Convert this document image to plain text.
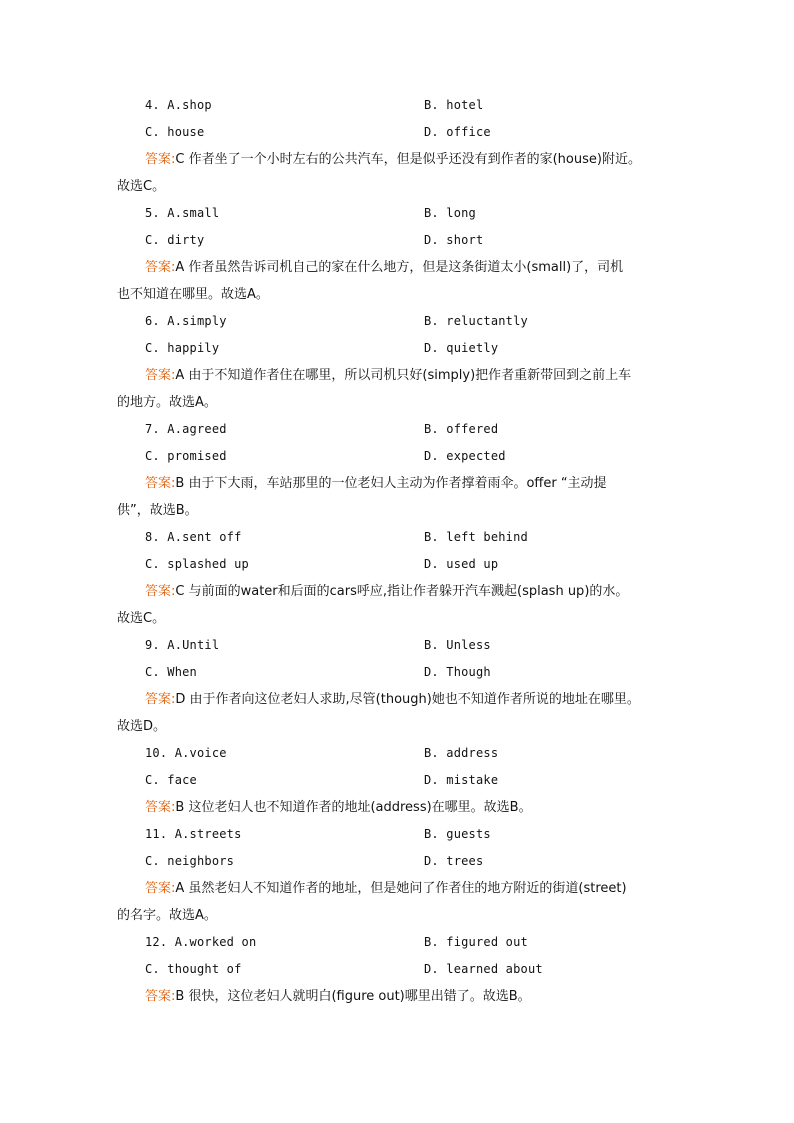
4. A.shop	B. hotel
C. house	D. office
答案:C 作者坐了一个小时左右的公共汽车，但是似乎还没有到作者的家(house)附近。
故选C。
5. A.small	B. long
C. dirty	D. short
答案:A 作者虽然告诉司机自己的家在什么地方，但是这条街道太小(small)了，司机
也不知道在哪里。故选A。
6. A.simply	B. reluctantly
C. happily	D. quietly
答案:A 由于不知道作者住在哪里，所以司机只好(simply)把作者重新带回到之前上车
的地方。故选A。
7. A.agreed	B. offered
C. promised	D. expected
答案:B 由于下大雨，车站那里的一位老妇人主动为作者撑着雨伞。offer “主动提
供”，故选B。
8. A.sent off	B. left behind
C. splashed up	D. used up
答案:C 与前面的water和后面的cars呼应,指让作者躲开汽车溅起(splash up)的水。
故选C。
9. A.Until	B. Unless
C. When	D. Though
答案:D 由于作者向这位老妇人求助,尽管(though)她也不知道作者所说的地址在哪里。
故选D。
10. A.voice	B. address
C. face	D. mistake
答案:B 这位老妇人也不知道作者的地址(address)在哪里。故选B。
11. A.streets	B. guests
C. neighbors	D. trees
答案:A 虽然老妇人不知道作者的地址，但是她问了作者住的地方附近的街道(street)
的名字。故选A。
12. A.worked on	B. figured out
C. thought of	D. learned about
答案:B 很快，这位老妇人就明白(figure out)哪里出错了。故选B。
